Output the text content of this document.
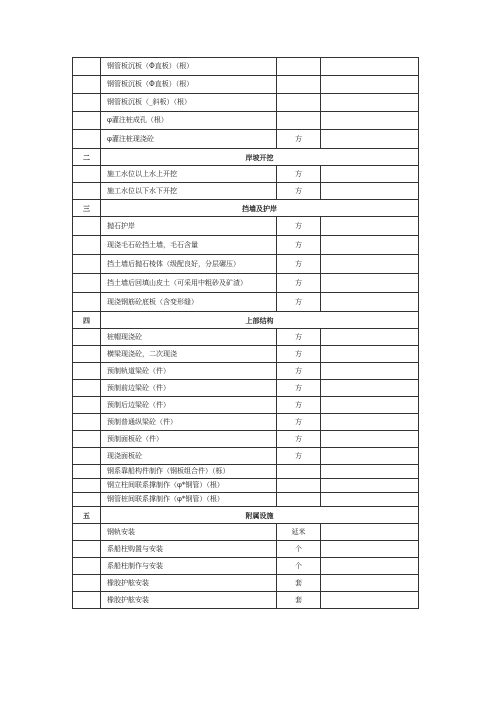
	钢管板沉板（Ф直板）（根）		
	钢管板沉板（Ф直板）（根）		
	钢管板沉板（_斜板）（根）		
	φ灌注桩成孔（根）		
	φ灌注桩现浇砼	方	
二	岸坡开挖		
	施工水位以上水上开挖	方	
	施工水位以下水下开挖	方	
三	挡墙及护岸		
	抛石护岸	方	
	现浇毛石砼挡土墙，毛石含量	方	
	挡土墙后抛石棱体（级配良好，分层碾压）	方	
	挡土墙后回填山皮土（可采用中粗砂及矿渣）	方	
	现浇钢筋砼底板（含变形缝）	方	
四	上部结构		
	桩帽现浇砼	方	
	横梁现浇砼，二次现浇	方	
	预制轨道梁砼（件）	方	
	预制前边梁砼（件）	方	
	预制后边梁砼（件）	方	
	预制普通纵梁砼（件）	方	
	预制面板砼（件）	方	
	现浇面板砼	方	
	钢系靠船构件制作（钢板组合件）（栎）		
	钢立柱间联系撑制作（φ*钢管）（根）		
	钢管桩间联系撑制作（φ*钢管）（根）		
五	附属设施		
	钢轨安装	延米	
	系船柱购置与安装	个	
	系船柱制作与安装	个	
	橡胶护舷安装	套	
	橡胶护舷安装	套	
